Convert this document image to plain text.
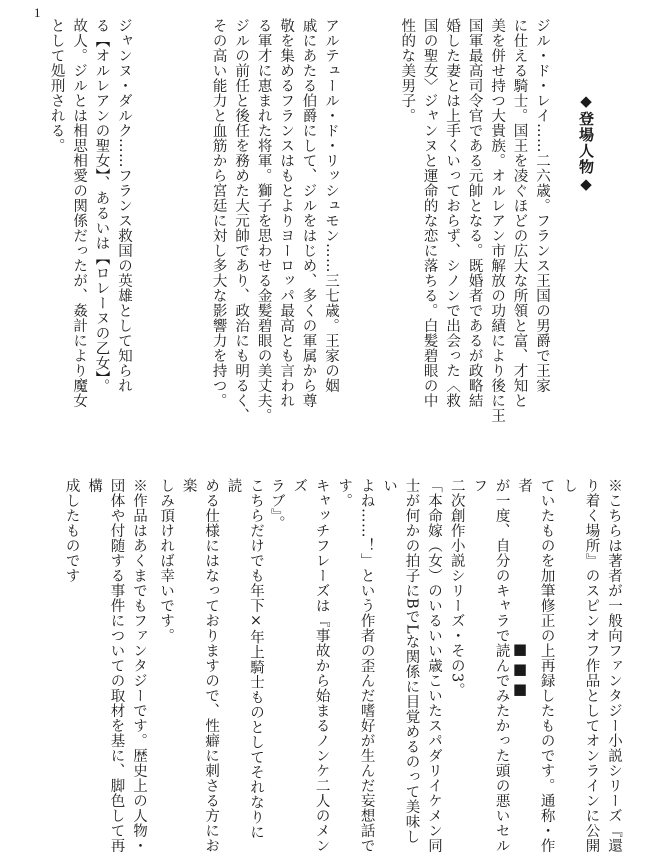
1
◆登場人物◆

ジル・ド・レイ……二六歳。フランス王国の男爵で王家

に仕える騎士。国王を凌ぐほどの広大な所領と富、才知と

美を併せ持つ大貴族。オルレアン市解放の功績により後に王

国軍最高司令官である元帥となる。既婚者であるが政略結

婚した妻とは上手くいっておらず、シノンで出会った〈救

国の聖女〉ジャンヌと運命的な恋に落ちる。白髪碧眼の中

性的な美男子。

アルテュール・ド・リッシュモン……三七歳。王家の姻

戚にあたる伯爵にして、ジルをはじめ、多くの軍属から尊

敬を集めるフランスはもとよりヨーロッパ最高とも言われ

る軍才に恵まれた将軍。獅子を思わせる金髪碧眼の美丈夫。

ジルの前任と後任を務めた大元帥であり、政治にも明るく、

その高い能力と血筋から宮廷に対し多大な影響力を持つ。

ジャンヌ・ダルク……フランス救国の英雄として知られ

る【オルレアンの聖女】、あるいは【ロレーヌの乙女】。

故人。ジルとは相思相愛の関係だったが、姦計により魔女

として処刑される。

■■■	※こちらは著者が一般向ファンタジー小説シリーズ『還

り着く場所』のスピンオフ作品としてオンラインに公開し

ていたものを加筆修正の上再録したものです。通称・作者

が一度、自分のキャラで読んでみたかった頭の悪いセルフ

二次創作小説シリーズ・その3。

「本命嫁（女）のいるいい歳こいたスパダリイケメン同

士が何かの拍子にBでLな関係に目覚めるのって美味しい

よね……！」という作者の歪んだ嗜好が生んだ妄想話です。

キャッチフレーズは『事故から始まるノンケ二人のメンズ

ラブ』。

こちらだけでも年下×年上騎士ものとしてそれなりに読

める仕様にはなっておりますので、性癖に刺さる方にお楽

しみ頂ければ幸いです。

※作品はあくまでもファンタジーです。歴史上の人物・

団体や付随する事件についての取材を基に、脚色して再構

成したものです
